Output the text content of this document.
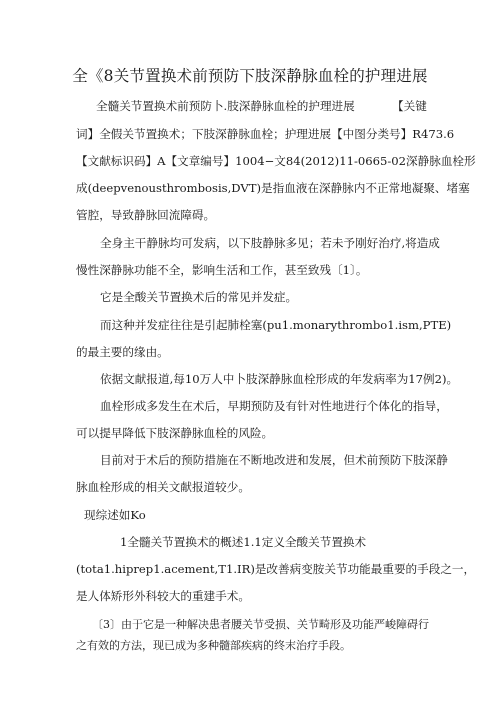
全《8关节置换术前预防下肢深静脉血栓的护理进展
全髓关节置换术前预防卜.肢深静脉血栓的护理进展	【关键
词】全假关节置换术；下肢深静脉血栓；护理进展【中图分类号】R473.6
【文献标识码】A【文章编号】1004−文84(2012)11-0665-02深静脉血栓形
成(deepvenousthrombosis,DVT)是指血液在深静脉内不正常地凝聚、堵塞
管腔，导致静脉回流障碍。
全身主干静脉均可发病，以下肢静脉多见；若未予刚好治疗,将造成
慢性深静脉功能不全，影响生活和工作，甚至致残〔1〕。
它是全酸关节置换术后的常见并发症。
而这种并发症往往是引起肺栓塞(pu1.monarythrombo1.ism,PTE)
的最主要的缘由。
依据文献报道,每10万人中卜肢深静脉血栓形成的年发病率为17例2)。
血栓形成多发生在术后，早期预防及有针对性地进行个体化的指导，
可以提早降低下肢深静脉血栓的风险。
目前对于术后的预防措施在不断地改进和发展，但术前预防下肢深静
脉血栓形成的相关文献报道较少。
现综述如Ko
1全髓关节置换术的概述1.1定义全酸关节置换术
(tota1.hiprep1.acement,T1.IR)是改善病变胺关节功能最重要的手段之一，
是人体矫形外科较大的重建手术。
〔3〕由于它是一种解决患者腰关节受损、关节畸形及功能严峻障碍行
之有效的方法，现已成为多种髓部疾病的终末治疗手段。
